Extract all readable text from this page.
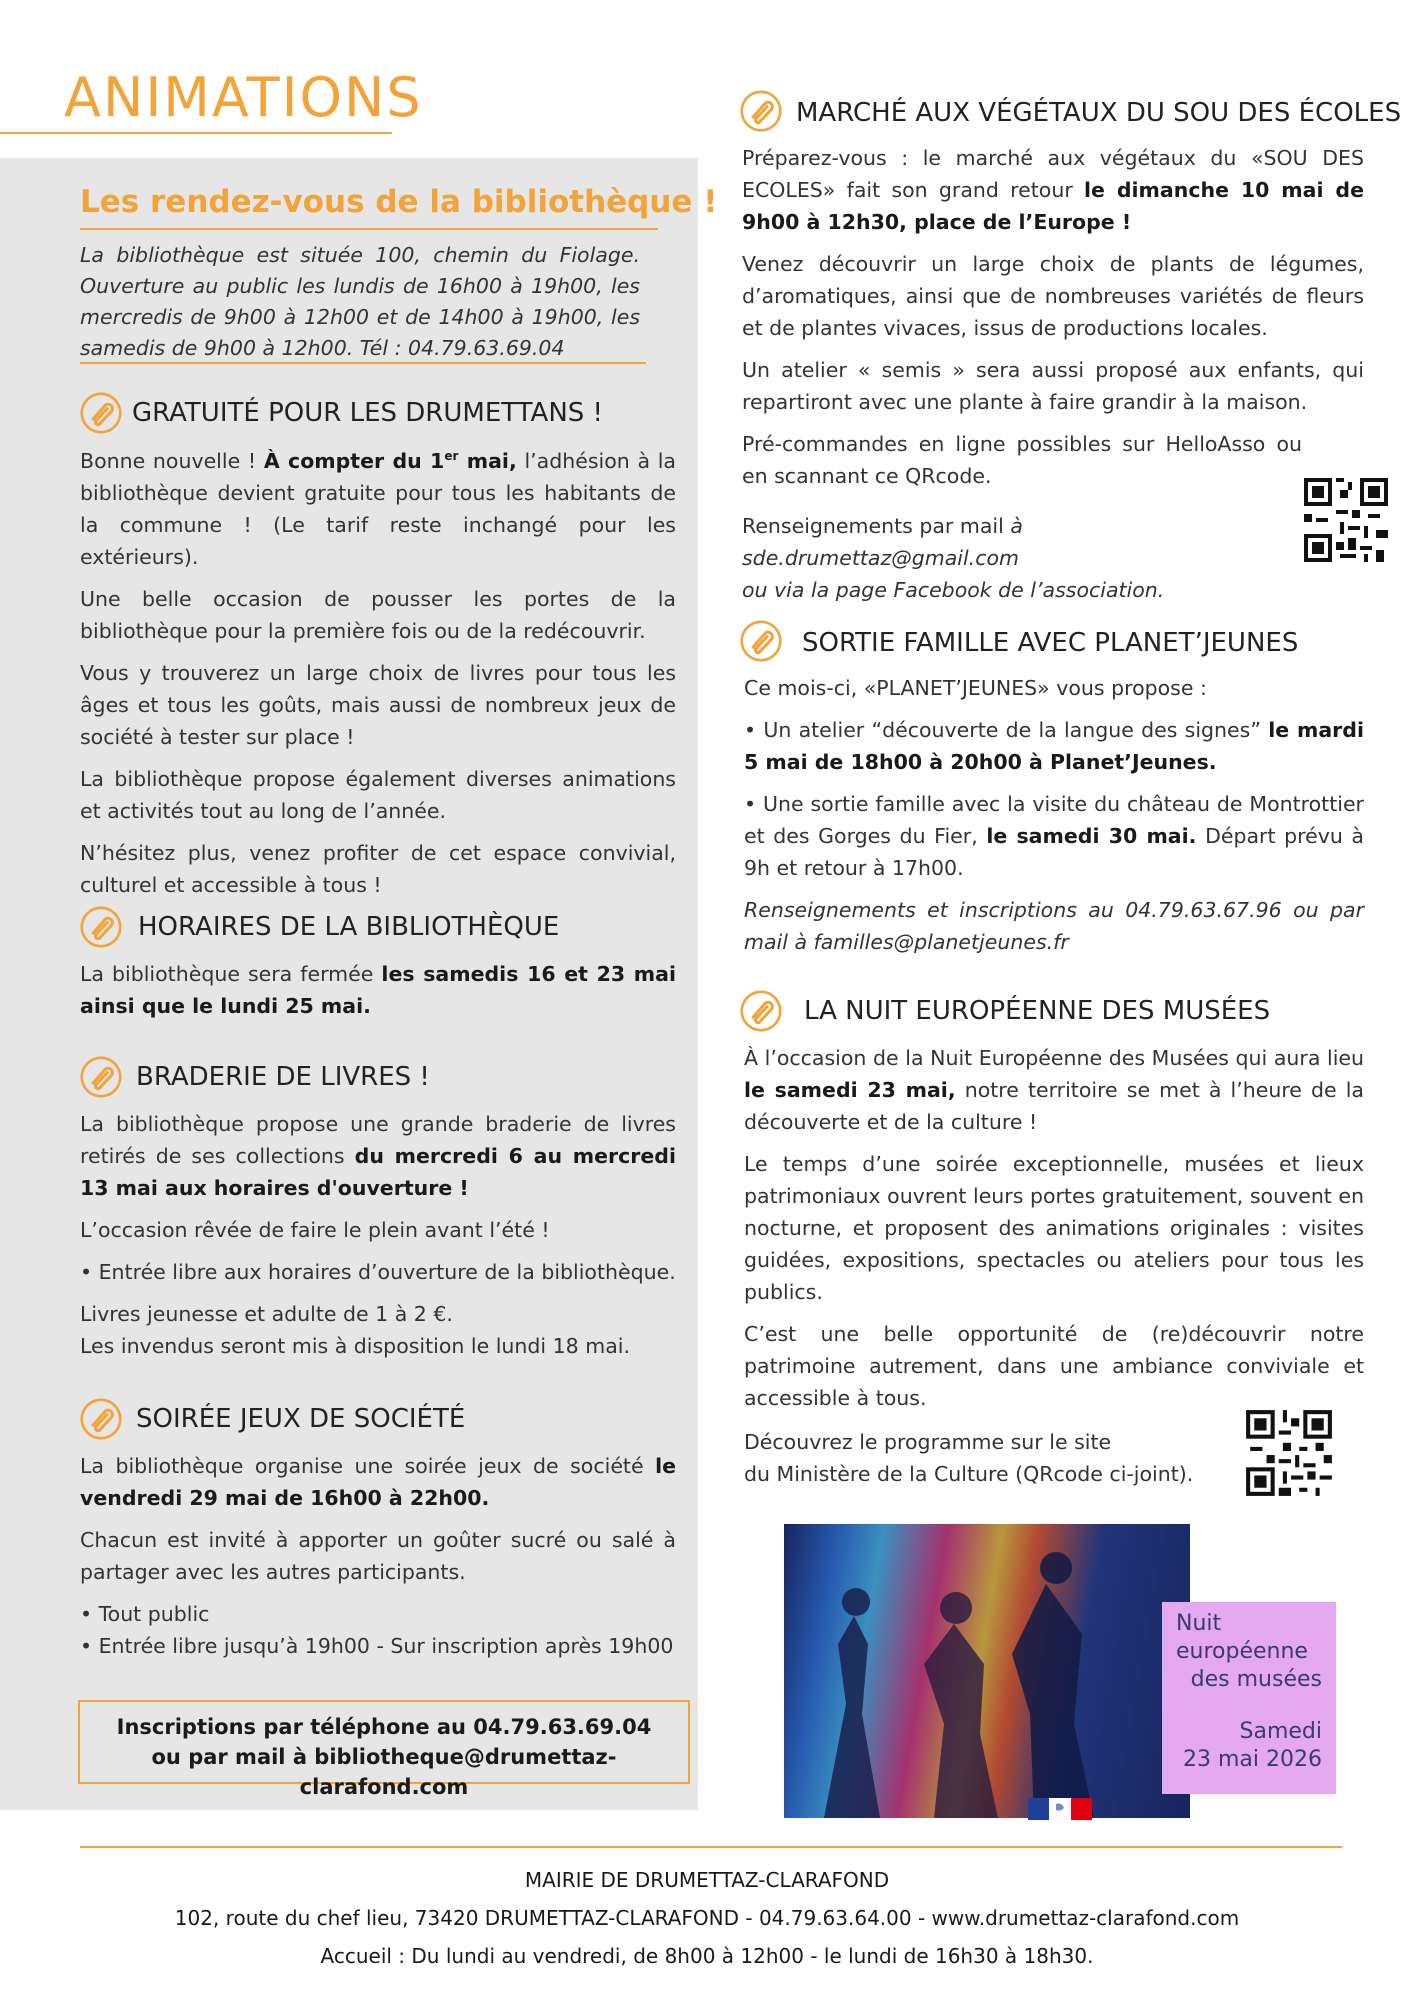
ANIMATIONS
Les rendez-vous de la bibliothèque !
La bibliothèque est située 100, chemin du Fiolage. Ouverture au public les lundis de 16h00 à 19h00, les mercredis de 9h00 à 12h00 et de 14h00 à 19h00, les samedis de 9h00 à 12h00. Tél : 04.79.63.69.04
GRATUITÉ POUR LES DRUMETTANS !

Bonne nouvelle ! À compter du 1er mai, l’adhésion à la bibliothèque devient gratuite pour tous les habitants de la commune ! (Le tarif reste inchangé pour les extérieurs).

Une belle occasion de pousser les portes de la bibliothèque pour la première fois ou de la redécouvrir.

Vous y trouverez un large choix de livres pour tous les âges et tous les goûts, mais aussi de nombreux jeux de société à tester sur place !

La bibliothèque propose également diverses animations et activités tout au long de l’année.

N’hésitez plus, venez profiter de cet espace convivial, culturel et accessible à tous !

HORAIRES DE LA BIBLIOTHÈQUE

La bibliothèque sera fermée les samedis 16 et 23 mai ainsi que le lundi 25 mai.

BRADERIE DE LIVRES !

La bibliothèque propose une grande braderie de livres retirés de ses collections du mercredi 6 au mercredi 13 mai aux horaires d'ouverture !

L’occasion rêvée de faire le plein avant l’été !

• Entrée libre aux horaires d’ouverture de la bibliothèque.

Livres jeunesse et adulte de 1 à 2 €.
Les invendus seront mis à disposition le lundi 18 mai.

SOIRÉE JEUX DE SOCIÉTÉ

La bibliothèque organise une soirée jeux de société le vendredi 29 mai de 16h00 à 22h00.

Chacun est invité à apporter un goûter sucré ou salé à partager avec les autres participants.

• Tout public

• Entrée libre jusqu’à 19h00 - Sur inscription après 19h00

Inscriptions par téléphone au 04.79.63.69.04
ou par mail à bibliotheque@drumettaz-clarafond.com
MARCHÉ AUX VÉGÉTAUX DU SOU DES ÉCOLES

Préparez-vous : le marché aux végétaux du «SOU DES ECOLES» fait son grand retour le dimanche 10 mai de 9h00 à 12h30, place de l’Europe !

Venez découvrir un large choix de plants de légumes, d’aromatiques, ainsi que de nombreuses variétés de fleurs et de plantes vivaces, issus de productions locales.

Un atelier « semis » sera aussi proposé aux enfants, qui repartiront avec une plante à faire grandir à la maison.

Pré-commandes en ligne possibles sur HelloAsso ou en scannant ce QRcode.

Renseignements par mail à sde.drumettaz@gmail.com
ou via la page Facebook de l’association.
SORTIE FAMILLE AVEC PLANET’JEUNES

Ce mois-ci, «PLANET’JEUNES» vous propose :

• Un atelier “découverte de la langue des signes” le mardi 5 mai de 18h00 à 20h00 à Planet’Jeunes.

• Une sortie famille avec la visite du château de Montrottier et des Gorges du Fier, le samedi 30 mai. Départ prévu à 9h et retour à 17h00.

Renseignements et inscriptions au 04.79.63.67.96 ou par mail à familles@planetjeunes.fr

LA NUIT EUROPÉENNE DES MUSÉES

À l’occasion de la Nuit Européenne des Musées qui aura lieu le samedi 23 mai, notre territoire se met à l’heure de la découverte et de la culture !

Le temps d’une soirée exceptionnelle, musées et lieux patrimoniaux ouvrent leurs portes gratuitement, souvent en nocturne, et proposent des animations originales : visites guidées, expositions, spectacles ou ateliers pour tous les publics.

C’est une belle opportunité de (re)découvrir notre patrimoine autrement, dans une ambiance conviviale et accessible à tous.

Découvrez le programme sur le site
du Ministère de la Culture (QRcode ci-joint).
Nuit
européenne
des musées
Samedi
23 mai 2026
MAIRIE DE DRUMETTAZ-CLARAFOND
102, route du chef lieu, 73420 DRUMETTAZ-CLARAFOND - 04.79.63.64.00 - www.drumettaz-clarafond.com
Accueil : Du lundi au vendredi, de 8h00 à 12h00 - le lundi de 16h30 à 18h30.
